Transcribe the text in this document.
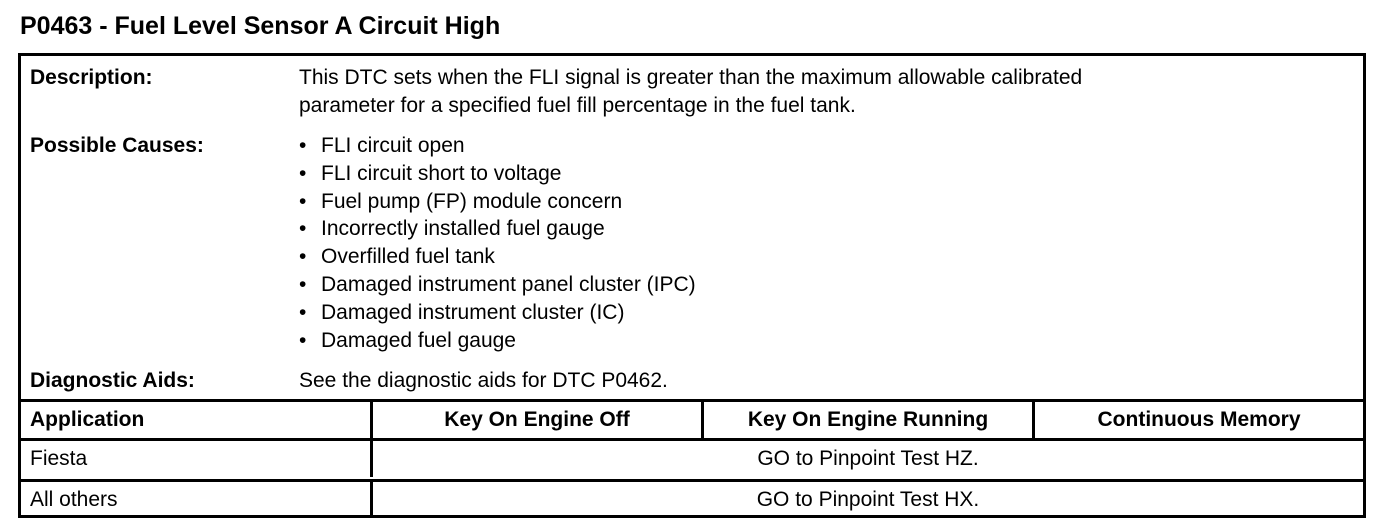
P0463 - Fuel Level Sensor A Circuit High
Description:	This DTC sets when the FLI signal is greater than the maximum allowable calibrated
parameter for a specified fuel fill percentage in the fuel tank.
Possible Causes:	• FLI circuit open
• FLI circuit short to voltage
• Fuel pump (FP) module concern
• Incorrectly installed fuel gauge
• Overfilled fuel tank
• Damaged instrument panel cluster (IPC)
• Damaged instrument cluster (IC)
• Damaged fuel gauge
Diagnostic Aids:	See the diagnostic aids for DTC P0462.
Application	Key On Engine Off	Key On Engine Running	Continuous Memory
Fiesta	GO to Pinpoint Test HZ.
All others	GO to Pinpoint Test HX.
